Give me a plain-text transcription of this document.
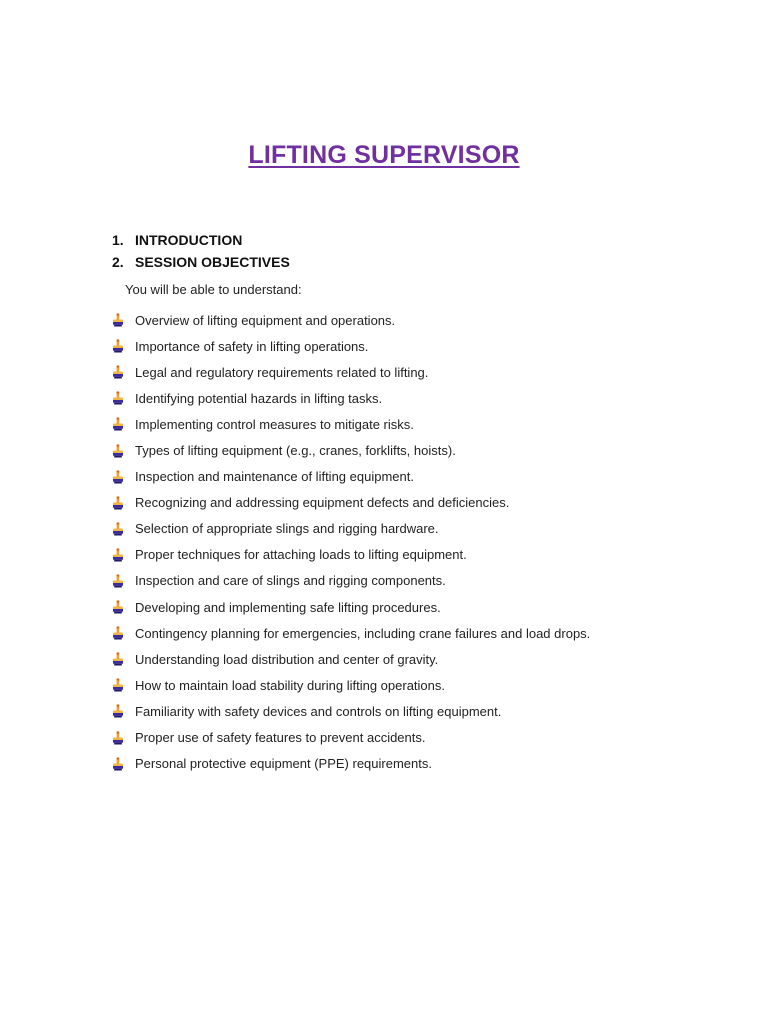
LIFTING SUPERVISOR
1. INTRODUCTION
2. SESSION OBJECTIVES

You will be able to understand:

Overview of lifting equipment and operations.
Importance of safety in lifting operations.
Legal and regulatory requirements related to lifting.
Identifying potential hazards in lifting tasks.
Implementing control measures to mitigate risks.
Types of lifting equipment (e.g., cranes, forklifts, hoists).
Inspection and maintenance of lifting equipment.
Recognizing and addressing equipment defects and deficiencies.
Selection of appropriate slings and rigging hardware.
Proper techniques for attaching loads to lifting equipment.
Inspection and care of slings and rigging components.
Developing and implementing safe lifting procedures.
Contingency planning for emergencies, including crane failures and load drops.
Understanding load distribution and center of gravity.
How to maintain load stability during lifting operations.
Familiarity with safety devices and controls on lifting equipment.
Proper use of safety features to prevent accidents.
Personal protective equipment (PPE) requirements.
